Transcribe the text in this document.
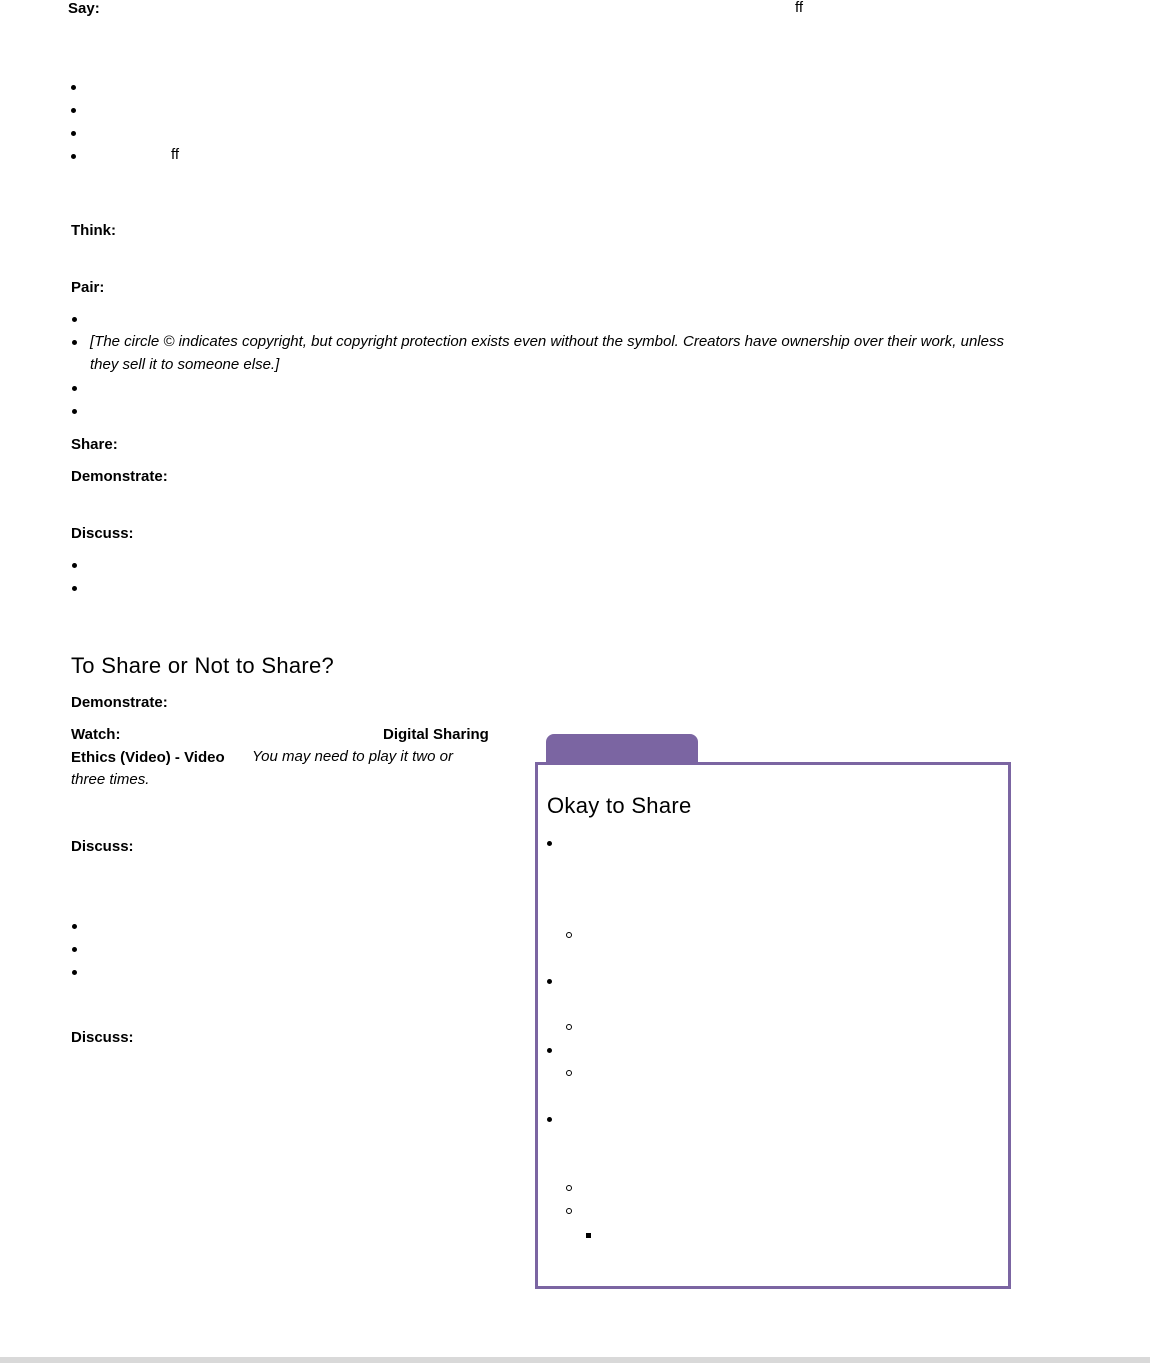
Say:	ff
ff
Think:
Pair:
[The circle © indicates copyright, but copyright protection exists even without the symbol. Creators have ownership over their work, unless they sell it to someone else.]
Share:
Demonstrate:
Discuss:
To Share or Not to Share?
Demonstrate:
Watch:	Digital Sharing
Ethics (Video) - Video You may need to play it two or
three times.
Discuss:
Discuss:
Okay to Share
